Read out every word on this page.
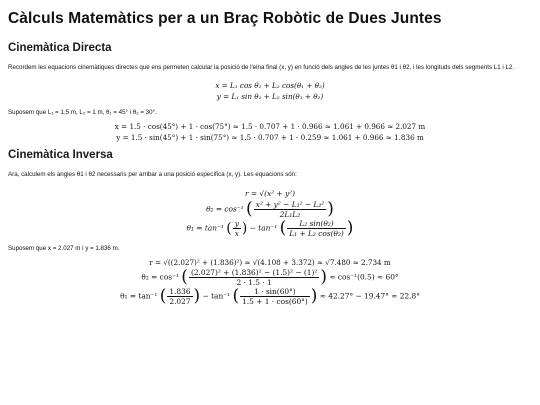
Càlculs Matemàtics per a un Braç Robòtic de Dues Juntes
Cinemàtica Directa

Recordem les equacions cinemàtiques directes que ens permeten calcular la posició de l'eina final (x, y) en funció dels angles de les juntes θ1 i θ2, i les longituds dels segments L1 i L2.

x = L₁ cos θ₁ + L₂ cos(θ₁ + θ₂)
y = L₁ sin θ₁ + L₂ sin(θ₁ + θ₂)

Suposem que L₁ = 1.5 m, L₂ = 1 m, θ₁ = 45° i θ₂ = 30°.

x = 1.5 · cos(45°) + 1 · cos(75°) ≈ 1.5 · 0.707 + 1 · 0.966 ≈ 1.061 + 0.966 ≈ 2.027 m
y = 1.5 · sin(45°) + 1 · sin(75°) ≈ 1.5 · 0.707 + 1 · 0.259 ≈ 1.061 + 0.966 ≈ 1.836 m
Cinemàtica Inversa

Ara, calculem els angles θ1 i θ2 necessaris per arribar a una posició específica (x, y). Les equacions són:

r = √(x² + y²)
θ₂ = cos⁻¹ ( $\frac{\text{x² + y² − L₁² − L₂²}}{\text{2L₁L₂}}$ )
θ₁ = tan⁻¹ ( $\frac{y}{x}$ ) − tan⁻¹ ( $\frac{\text{L₂ sin(θ₂)}}{\text{L₁ + L₂ cos(θ₂)}}$ )

Suposem que x = 2.027 m i y = 1.836 m.

r = √((2.027)² + (1.836)²) ≈ √(4.108 + 3.372) ≈ √7.480 ≈ 2.734 m
θ₂ = cos⁻¹ ( $\frac{\text{(2.027)² + (1.836)² − (1.5)² − (1)²}}{2 \cdot 1.5 \cdot 1}$ ) ≈ cos⁻¹(0.5) ≈ 60°
θ₁ = tan⁻¹ ( $\frac{1.836}{2.027}$ ) − tan⁻¹ ( $\frac{1 \cdot \sin(60^\circ)}{1.5 + 1 \cdot \cos(60^\circ)}$ ) ≈ 42.27° − 19.47° ≈ 22.8°
